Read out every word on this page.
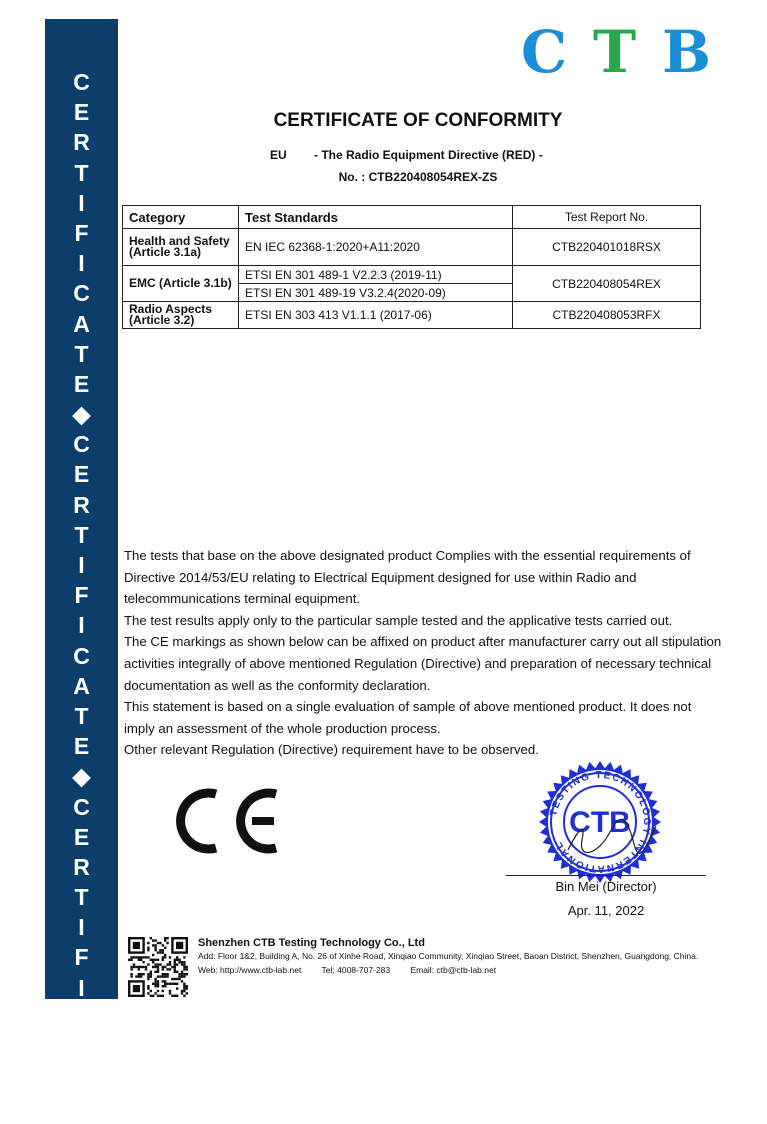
C
E
R
T
I
F
I
C
A
T
E
◆
C
E
R
T
I
F
I
C
A
T
E
◆
C
E
R
T
I
F
I
C
A
T
E
C T B
CERTIFICATE OF CONFORMITY
EU - The Radio Equipment Directive (RED) -
No. : CTB220408054REX-ZS
Category	Test Standards	Test Report No.
Health and Safety (Article 3.1a)	EN IEC 62368-1:2020+A11:2020	CTB220401018RSX
EMC (Article 3.1b)	ETSI EN 301 489-1 V2.2.3 (2019-11)	CTB220408054REX
	ETSI EN 301 489-19 V3.2.4(2020-09)	
Radio Aspects (Article 3.2)	ETSI EN 303 413 V1.1.1 (2017-06)	CTB220408053RFX

The tests that base on the above designated product Complies with the essential requirements of Directive 2014/53/EU relating to Electrical Equipment designed for use within Radio and telecommunications terminal equipment.

The test results apply only to the particular sample tested and the applicative tests carried out.

The CE markings as shown below can be affixed on product after manufacturer carry out all stipulation activities integrally of above mentioned Regulation (Directive) and preparation of necessary technical documentation as well as the conformity declaration.

This statement is based on a single evaluation of sample of above mentioned product. It does not imply an assessment of the whole production process.

Other relevant Regulation (Directive) requirement have to be observed.

TESTING TECHNOLOGY INTERNATIONAL
CTB
Bin Mei (Director)
Apr. 11, 2022
Shenzhen CTB Testing Technology Co., Ltd
Add: Floor 1&2, Building A, No. 26 of Xinhe Road, Xinqiao Community, Xinqiao Street, Baoan District, Shenzhen, Guangdong, China.
Web: http://www.ctb-lab.net Tel: 4008-707-283 Email: ctb@ctb-lab.net
